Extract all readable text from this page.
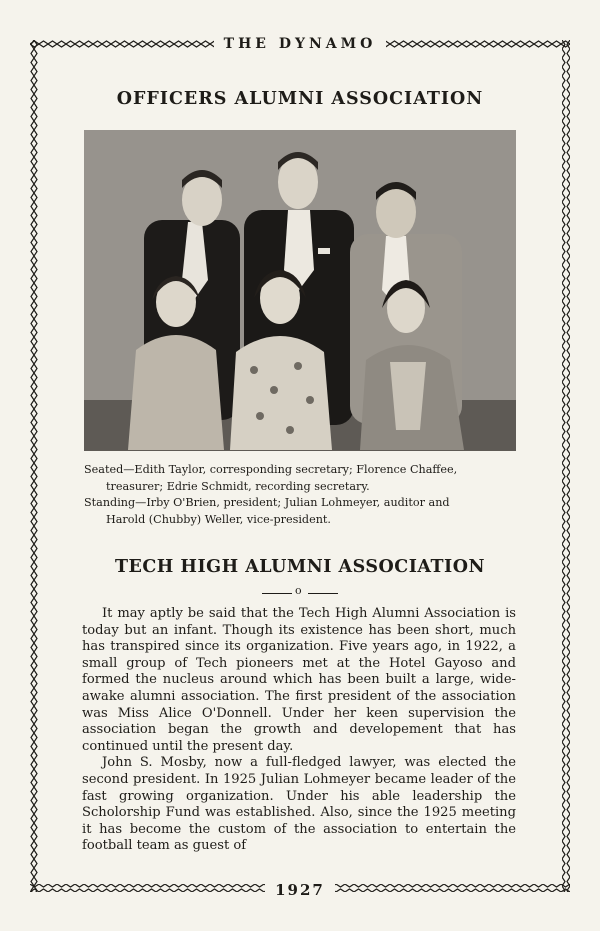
THE DYNAMO
OFFICERS ALUMNI ASSOCIATION

Seated—Edith Taylor, corresponding secretary; Florence Chaffee,

treasurer; Edrie Schmidt, recording secretary.

Standing—Irby O'Brien, president; Julian Lohmeyer, auditor and

Harold (Chubby) Weller, vice-president.

TECH HIGH ALUMNI ASSOCIATION
o

It may aptly be said that the Tech High Alumni Association is today but an infant. Though its existence has been short, much has transpired since its organization. Five years ago, in 1922, a small group of Tech pioneers met at the Hotel Gayoso and formed the nucleus around which has been built a large, wide-awake alumni association. The first president of the association was Miss Alice O'Donnell. Under her keen supervision the association began the growth and developement that has continued until the present day.

John S. Mosby, now a full-fledged lawyer, was elected the second president. In 1925 Julian Lohmeyer became leader of the fast growing organization. Under his able leadership the Scholorship Fund was established. Also, since the 1925 meeting it has become the custom of the association to entertain the football team as guest of

1927
